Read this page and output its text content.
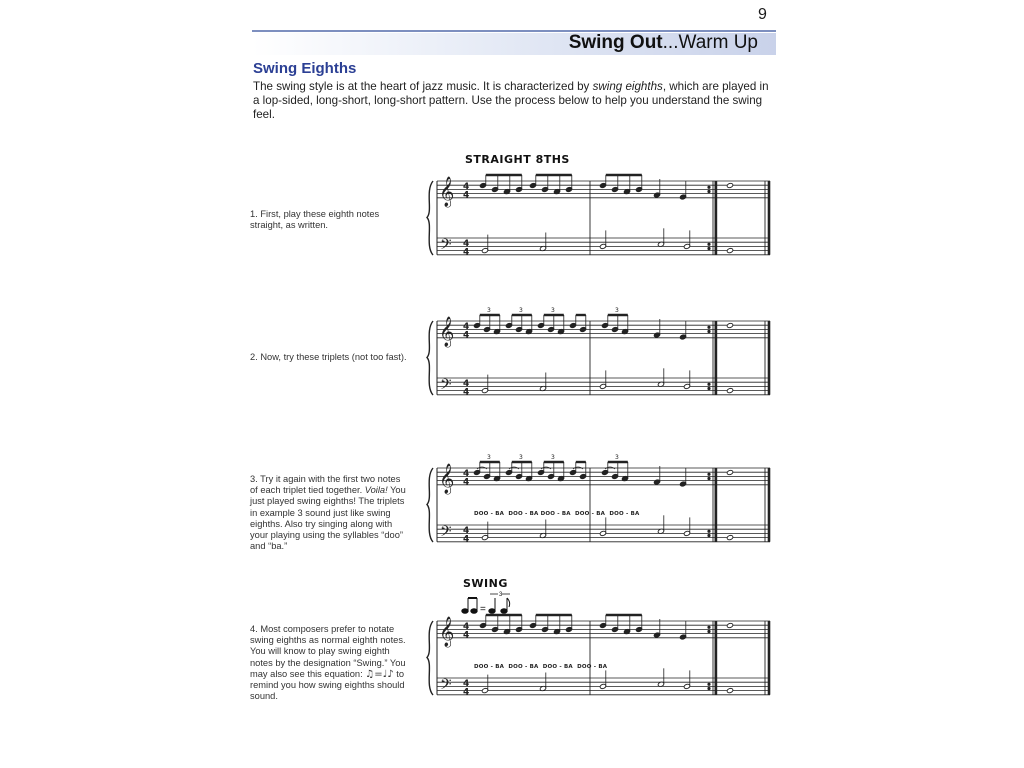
9
Swing Out...Warm Up
Swing Eighths
The swing style is at the heart of jazz music. It is characterized by swing eighths, which are played in a lop-sided, long-short, long-short pattern. Use the process below to help you understand the swing feel.
1. First, play these eighth notes straight, as written.
2. Now, try these triplets (not too fast).
3. Try it again with the first two notes of each triplet tied together. Voila! You just played swing eighths! The triplets in example 3 sound just like swing eighths. Also try singing along with your playing using the syllables “doo” and “ba.”
4. Most composers prefer to notate swing eighths as normal eighth notes. You will know to play swing eighth notes by the designation “Swing.” You may also see this equation: ♫=♩♪ to remind you how swing eighths should sound.
STRAIGHT 8THS
SWING
=
3
𝄞
𝄢
4
4
4
4
𝄞
𝄢
4
4
4
4
3	3	3	3
𝄞
𝄢
4
4
4
4
3	3	3	3
𝄞
𝄢
4
4
4
4
DOO - BA DOO - BA DOO - BA DOO - BA DOO - BA
DOO - BA DOO - BA DOO - BA DOO - BA
